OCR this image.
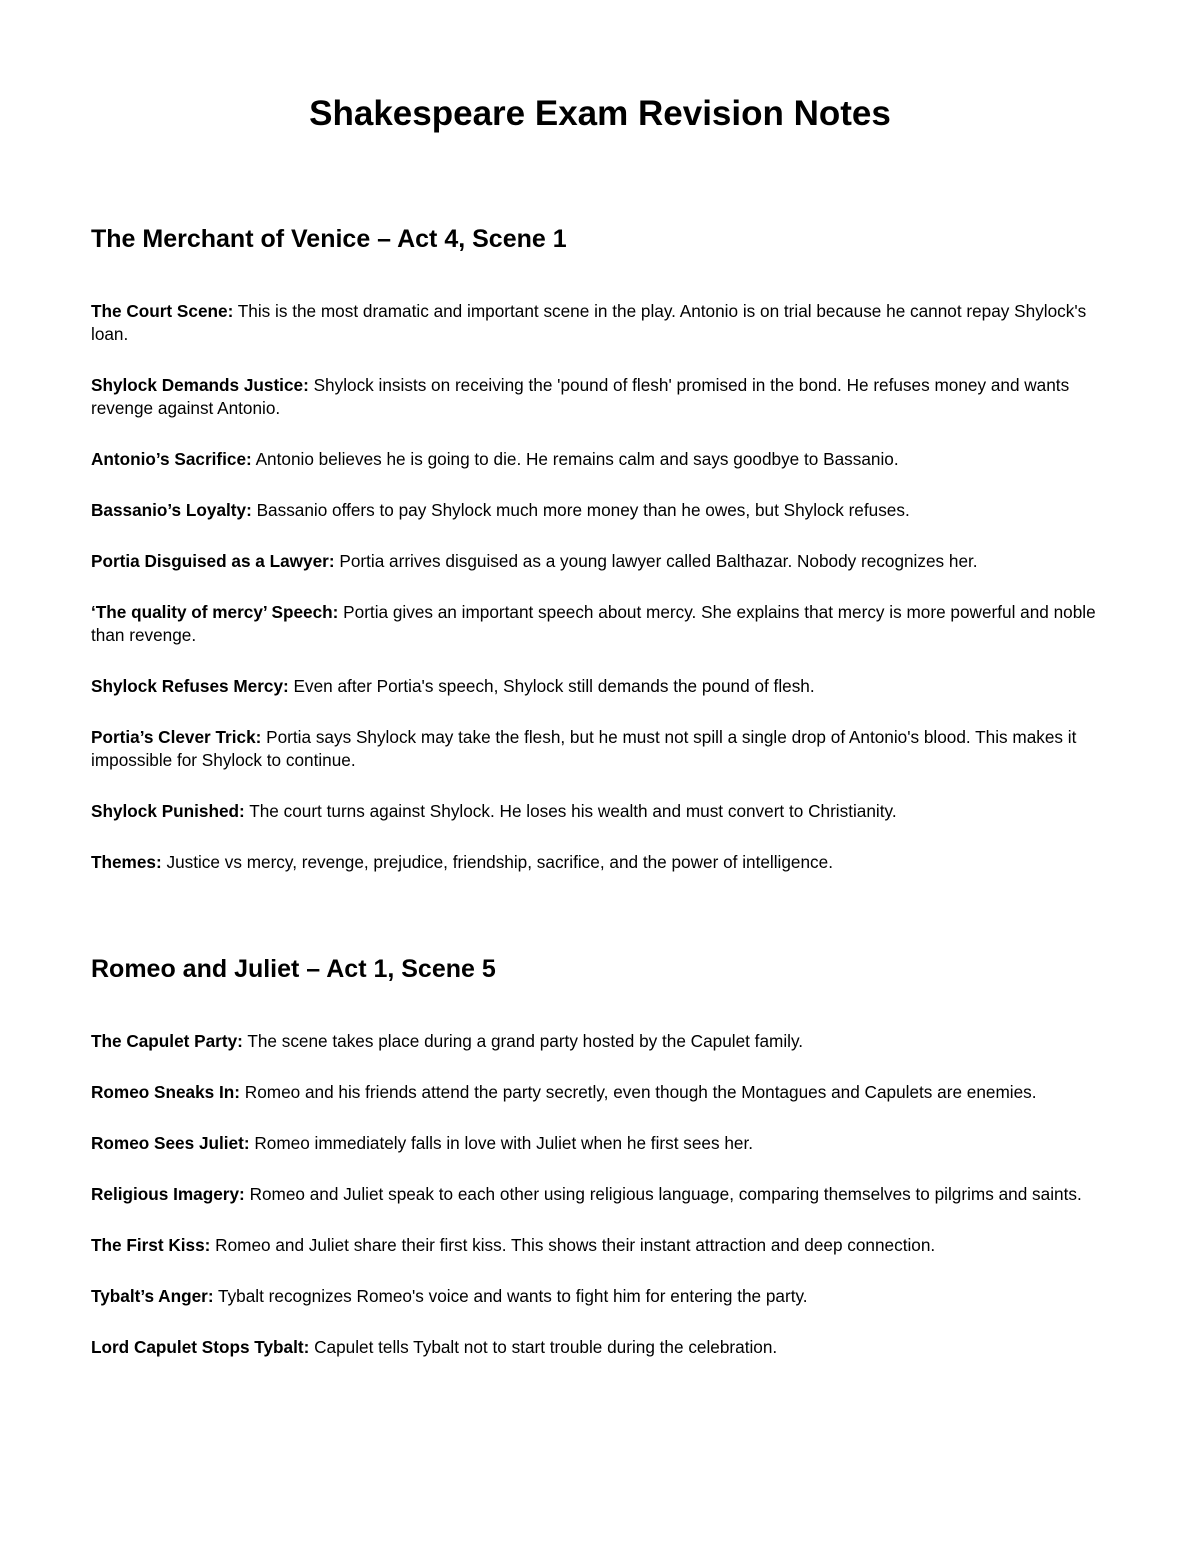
Shakespeare Exam Revision Notes
The Merchant of Venice – Act 4, Scene 1
The Court Scene: This is the most dramatic and important scene in the play. Antonio is on trial because he cannot repay Shylock's loan.
Shylock Demands Justice: Shylock insists on receiving the 'pound of flesh' promised in the bond. He refuses money and wants revenge against Antonio.
Antonio’s Sacrifice: Antonio believes he is going to die. He remains calm and says goodbye to Bassanio.
Bassanio’s Loyalty: Bassanio offers to pay Shylock much more money than he owes, but Shylock refuses.
Portia Disguised as a Lawyer: Portia arrives disguised as a young lawyer called Balthazar. Nobody recognizes her.
‘The quality of mercy’ Speech: Portia gives an important speech about mercy. She explains that mercy is more powerful and noble than revenge.
Shylock Refuses Mercy: Even after Portia's speech, Shylock still demands the pound of flesh.
Portia’s Clever Trick: Portia says Shylock may take the flesh, but he must not spill a single drop of Antonio's blood. This makes it impossible for Shylock to continue.
Shylock Punished: The court turns against Shylock. He loses his wealth and must convert to Christianity.
Themes: Justice vs mercy, revenge, prejudice, friendship, sacrifice, and the power of intelligence.
Romeo and Juliet – Act 1, Scene 5
The Capulet Party: The scene takes place during a grand party hosted by the Capulet family.
Romeo Sneaks In: Romeo and his friends attend the party secretly, even though the Montagues and Capulets are enemies.
Romeo Sees Juliet: Romeo immediately falls in love with Juliet when he first sees her.
Religious Imagery: Romeo and Juliet speak to each other using religious language, comparing themselves to pilgrims and saints.
The First Kiss: Romeo and Juliet share their first kiss. This shows their instant attraction and deep connection.
Tybalt’s Anger: Tybalt recognizes Romeo's voice and wants to fight him for entering the party.
Lord Capulet Stops Tybalt: Capulet tells Tybalt not to start trouble during the celebration.
